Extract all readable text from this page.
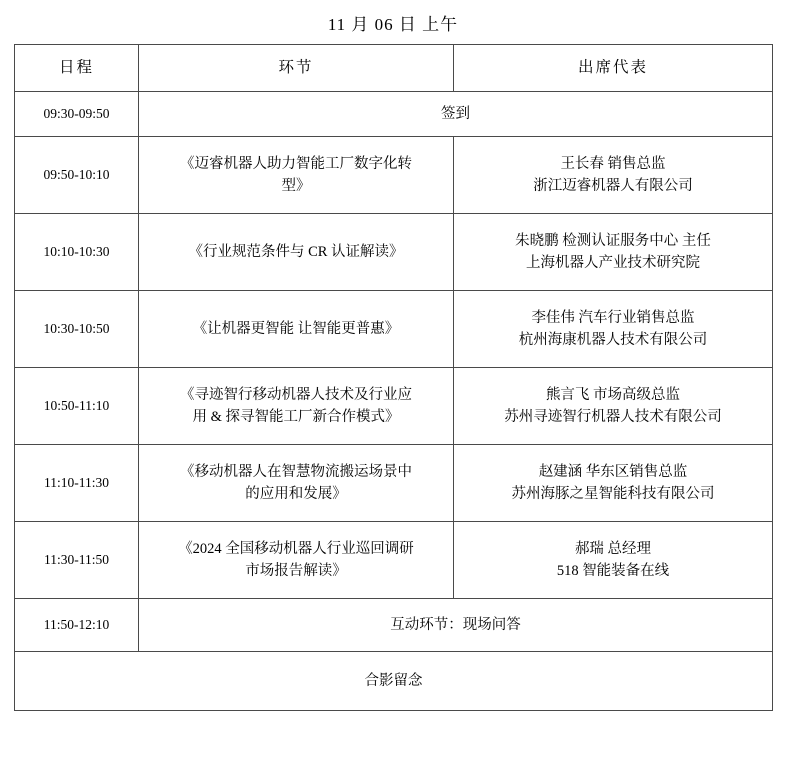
11 月 06 日 上午
日程	环节	出席代表
09:30-09:50	签到	
09:50-10:10	《迈睿机器人助力智能工厂数字化转
型》	王长春 销售总监
浙江迈睿机器人有限公司

10:10-10:30	《行业规范条件与 CR 认证解读》	朱晓鹏 检测认证服务中心 主任
上海机器人产业技术研究院

10:30-10:50	《让机器更智能 让智能更普惠》	李佳伟 汽车行业销售总监
杭州海康机器人技术有限公司

10:50-11:10	《寻迹智行移动机器人技术及行业应
用 & 探寻智能工厂新合作模式》	熊言飞 市场高级总监
苏州寻迹智行机器人技术有限公司

11:10-11:30	《移动机器人在智慧物流搬运场景中
的应用和发展》	赵建涵 华东区销售总监
苏州海豚之星智能科技有限公司

11:30-11:50	《2024 全国移动机器人行业巡回调研
市场报告解读》	郝瑞 总经理
518 智能装备在线

11:50-12:10	互动环节：现场问答	
合影留念		
